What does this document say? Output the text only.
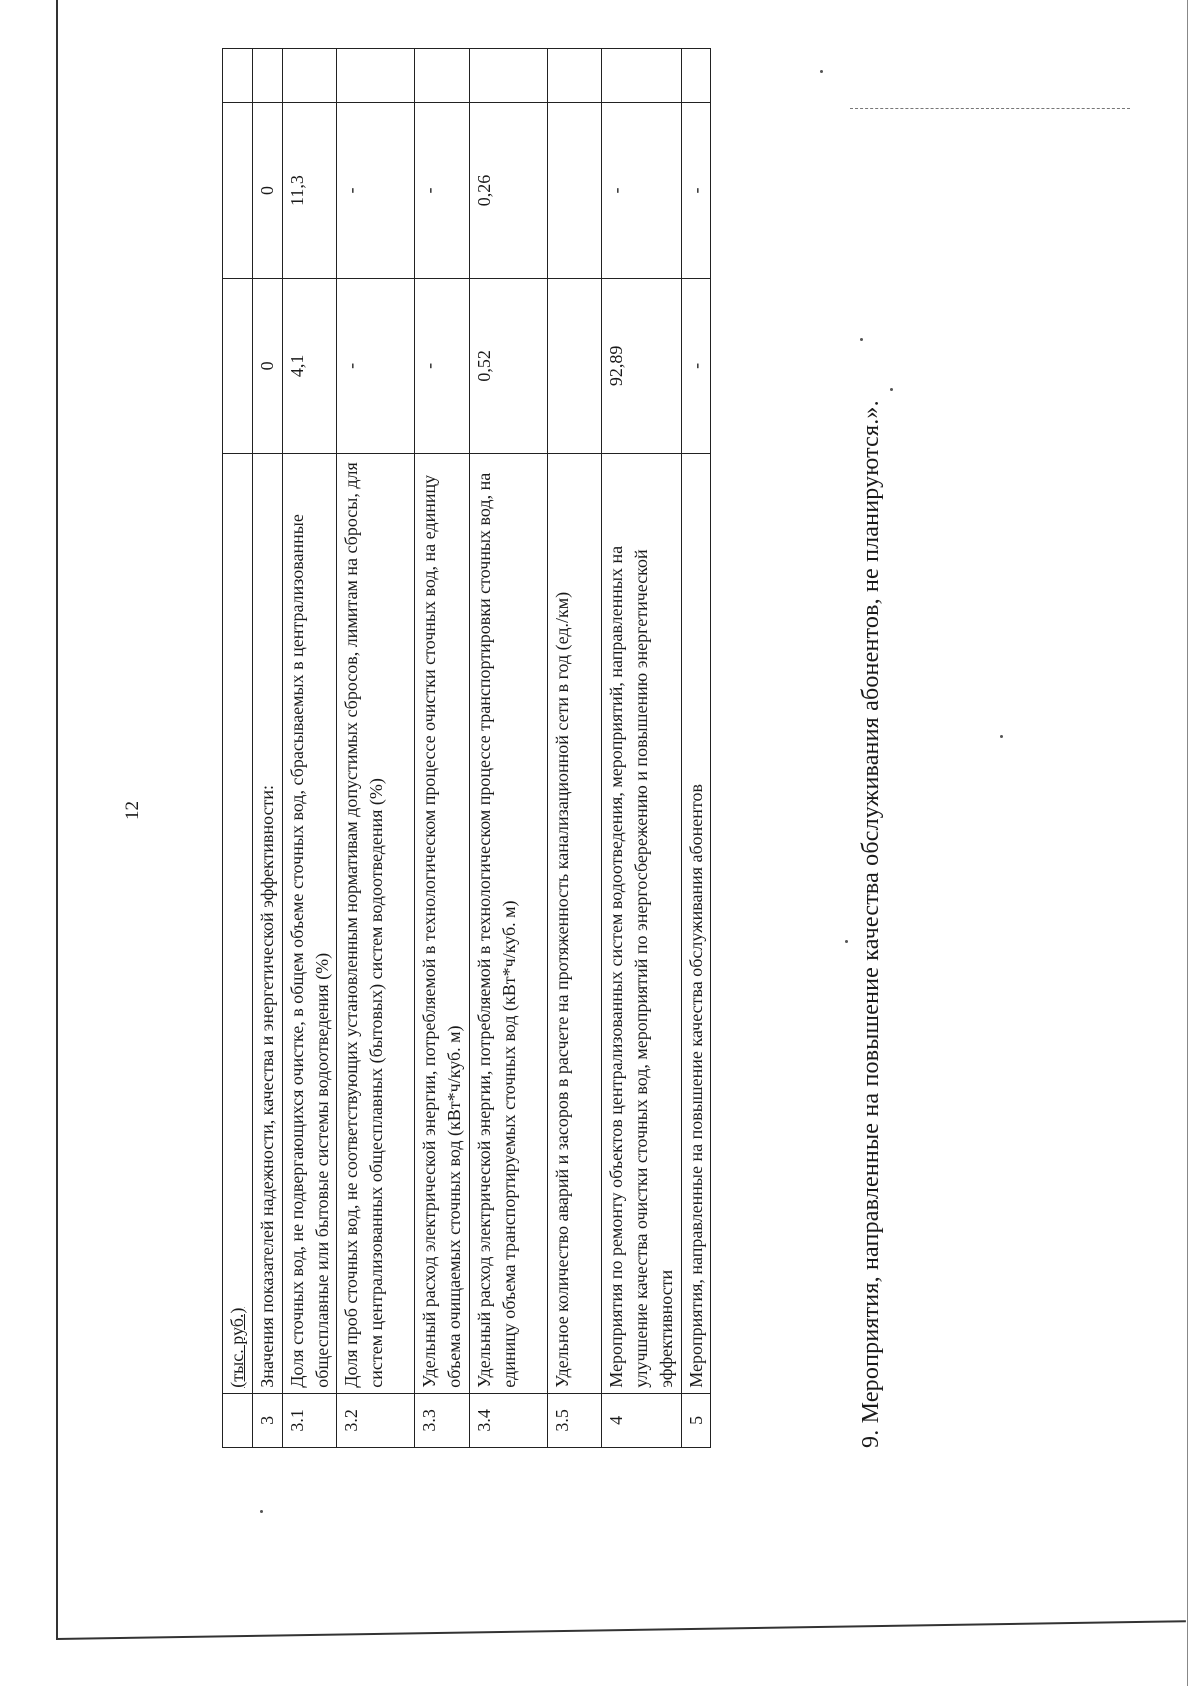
12
	(тыс. руб.)			
3	Значения показателей надежности, качества и энергетической эффективности:	0	0	
3.1	Доля сточных вод, не подвергающихся очистке, в общем объеме сточных вод, сбрасываемых в централизованные общесплавные или бытовые системы водоотведения (%)	4,1	11,3	
3.2	Доля проб сточных вод, не соответствующих установленным нормативам допустимых сбросов, лимитам на сбросы, для систем централизованных общесплавных (бытовых) систем водоотведения (%)	-	-	
3.3	Удельный расход электрической энергии, потребляемой в технологическом процессе очистки сточных вод, на единицу объема очищаемых сточных вод (кВт*ч/куб. м)	-	-	
3.4	Удельный расход электрической энергии, потребляемой в технологическом процессе транспортировки сточных вод, на единицу объема транспортируемых сточных вод (кВт*ч/куб. м)	0,52	0,26	
3.5	Удельное количество аварий и засоров в расчете на протяженность канализационной сети в год (ед./км)			
4	Мероприятия по ремонту объектов централизованных систем водоотведения, мероприятий, направленных на улучшение качества очистки сточных вод, мероприятий по энергосбережению и повышению энергетической эффективности	92,89	-	
5	Мероприятия, направленные на повышение качества обслуживания абонентов	-	-	
9. Мероприятия, направленные на повышение качества обслуживания абонентов, не планируются.».
